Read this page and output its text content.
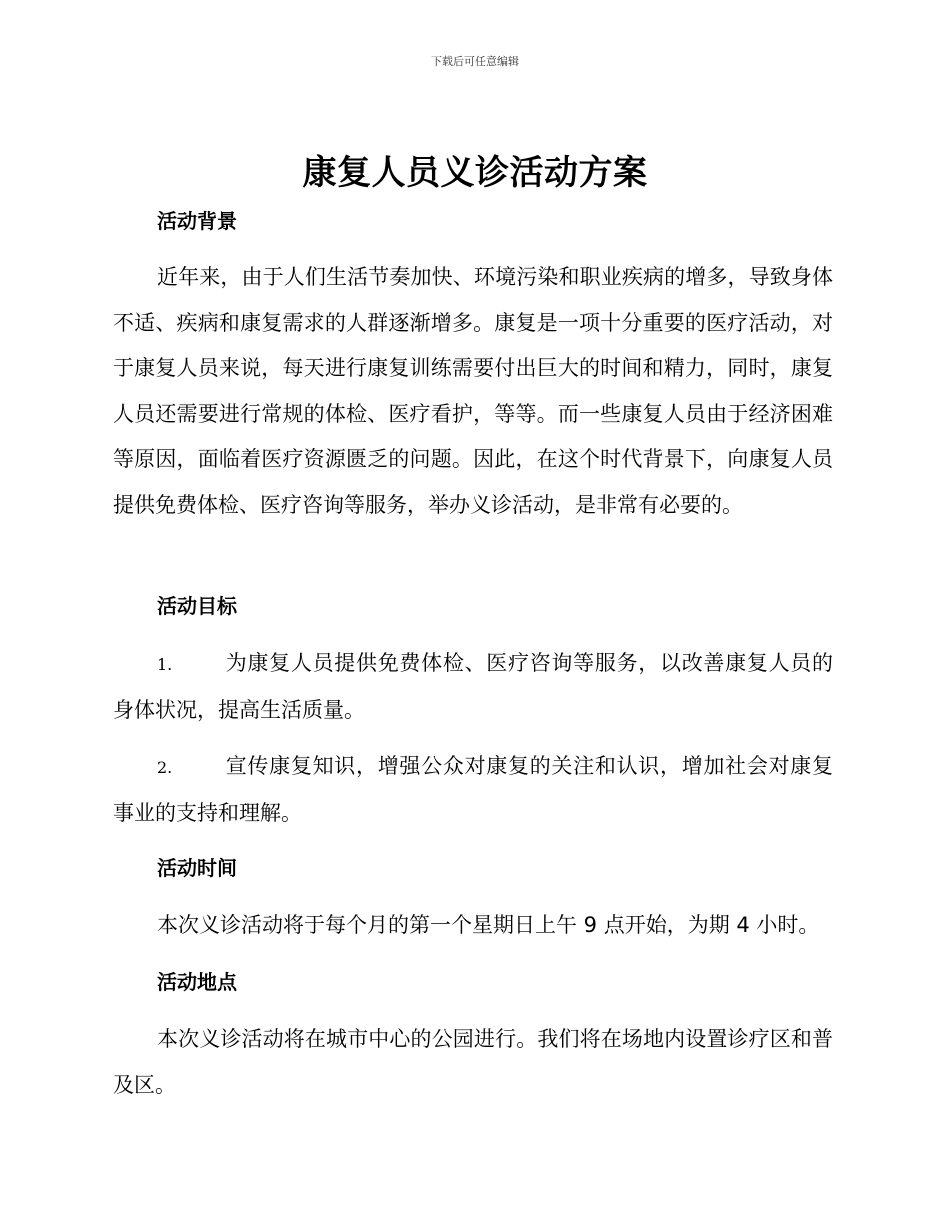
下载后可任意编辑
康复人员义诊活动方案
活动背景
近年来，由于人们生活节奏加快、环境污染和职业疾病的增多，导致身体不适、疾病和康复需求的人群逐渐增多。康复是一项十分重要的医疗活动，对于康复人员来说，每天进行康复训练需要付出巨大的时间和精力，同时，康复人员还需要进行常规的体检、医疗看护，等等。而一些康复人员由于经济困难等原因，面临着医疗资源匮乏的问题。因此，在这个时代背景下，向康复人员提供免费体检、医疗咨询等服务，举办义诊活动，是非常有必要的。
活动目标
1.	为康复人员提供免费体检、医疗咨询等服务，以改善康复人员的身体状况，提高生活质量。
2.	宣传康复知识，增强公众对康复的关注和认识，增加社会对康复事业的支持和理解。
活动时间
本次义诊活动将于每个月的第一个星期日上午 9 点开始，为期 4 小时。
活动地点
本次义诊活动将在城市中心的公园进行。我们将在场地内设置诊疗区和普及区。
